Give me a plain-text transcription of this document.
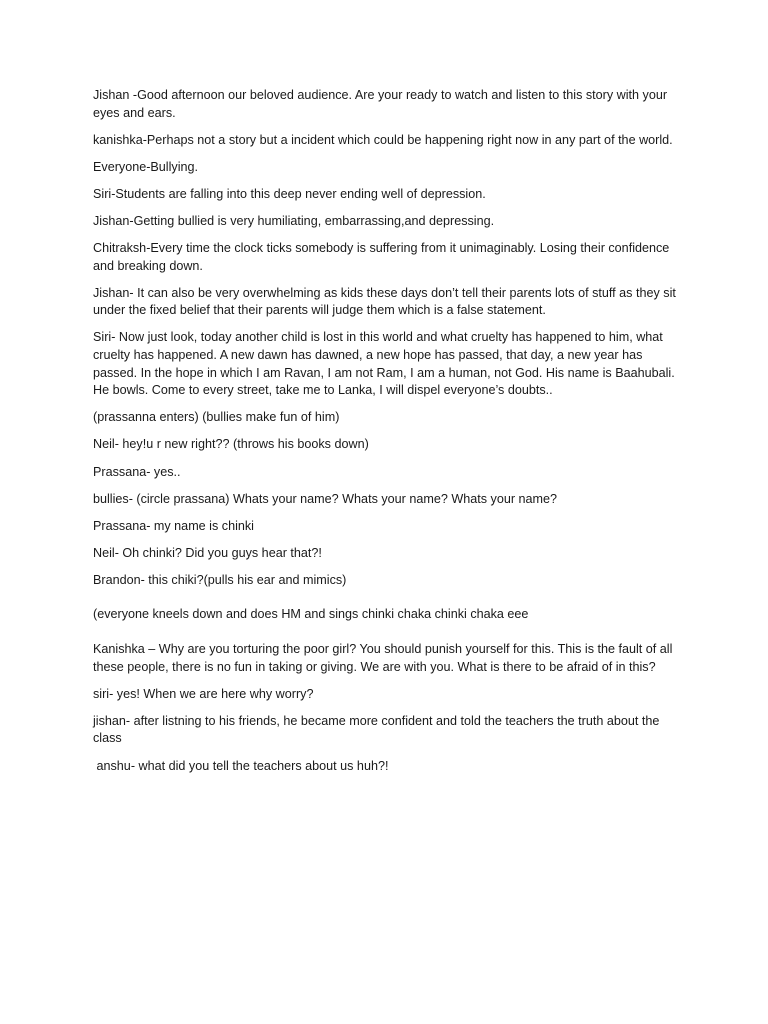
Jishan -Good afternoon our beloved audience. Are your ready to watch and listen to this story with your eyes and ears.

kanishka-Perhaps not a story but a incident which could be happening right now in any part of the world.

Everyone-Bullying.

Siri-Students are falling into this deep never ending well of depression.

Jishan-Getting bullied is very humiliating, embarrassing,and depressing.

Chitraksh-Every time the clock ticks somebody is suffering from it unimaginably. Losing their confidence and breaking down.

Jishan- It can also be very overwhelming as kids these days don’t tell their parents lots of stuff as they sit under the fixed belief that their parents will judge them which is a false statement.

Siri- Now just look, today another child is lost in this world and what cruelty has happened to him, what cruelty has happened. A new dawn has dawned, a new hope has passed, that day, a new year has passed. In the hope in which I am Ravan, I am not Ram, I am a human, not God. His name is Baahubali. He bowls. Come to every street, take me to Lanka, I will dispel everyone’s doubts..

(prassanna enters) (bullies make fun of him)

Neil- hey!u r new right?? (throws his books down)

Prassana- yes..

bullies- (circle prassana) Whats your name? Whats your name? Whats your name?

Prassana- my name is chinki

Neil- Oh chinki? Did you guys hear that?!

Brandon- this chiki?(pulls his ear and mimics)

(everyone kneels down and does HM and sings chinki chaka chinki chaka eee

Kanishka – Why are you torturing the poor girl? You should punish yourself for this. This is the fault of all these people, there is no fun in taking or giving. We are with you. What is there to be afraid of in this?

siri- yes! When we are here why worry?

jishan- after listning to his friends, he became more confident and told the teachers the truth about the class

anshu- what did you tell the teachers about us huh?!
